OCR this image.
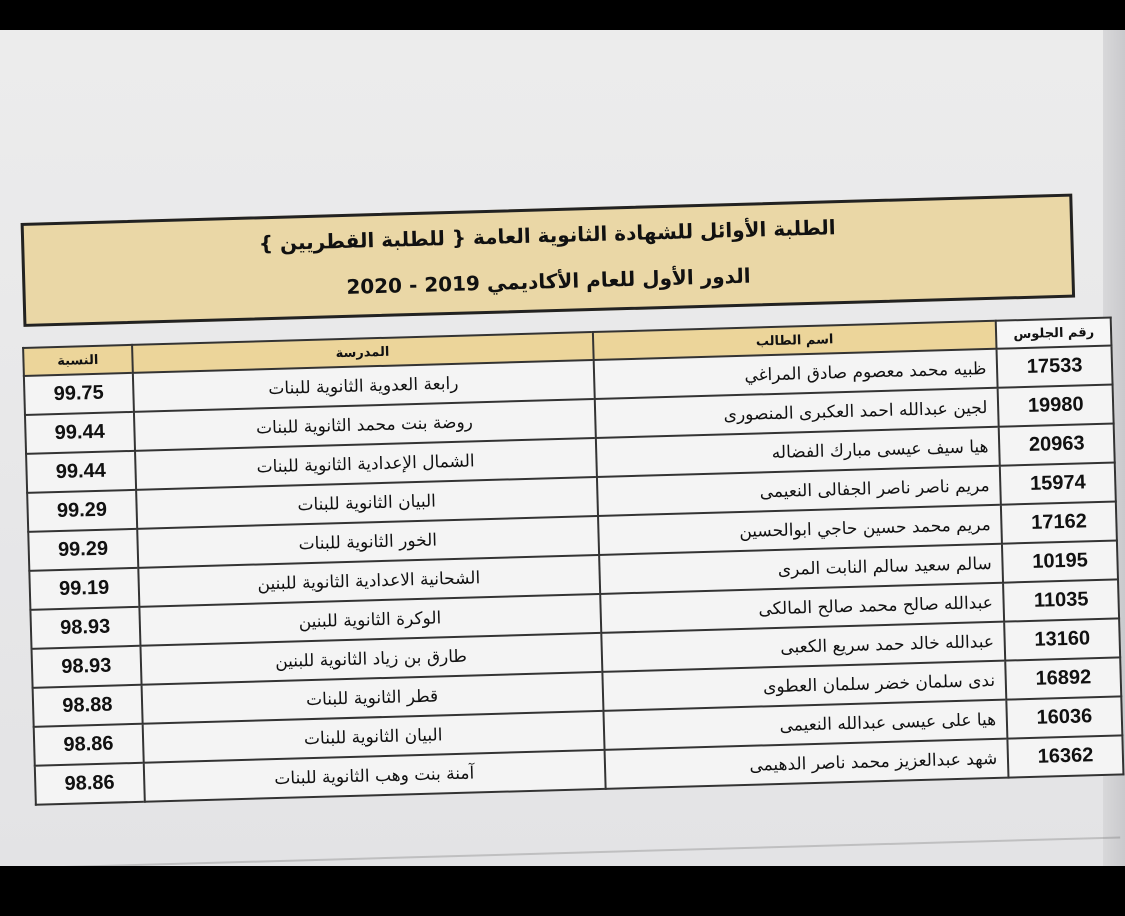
الطلبة الأوائل للشهادة الثانوية العامة { للطلبة القطريين }
الدور الأول للعام الأكاديمي 2019 - 2020
رقم الجلوس	اسم الطالب	المدرسة	النسبة
17533	ظبيه محمد معصوم صادق المراغي	رابعة العدوية الثانوية للبنات	99.75
19980	لجين عبدالله احمد العكبرى المنصورى	روضة بنت محمد الثانوية للبنات	99.44
20963	هيا سيف عيسى مبارك الفضاله	الشمال الإعدادية الثانوية للبنات	99.44
15974	مريم ناصر ناصر الجفالى النعيمى	البيان الثانوية للبنات	99.29
17162	مريم محمد حسين حاجي ابوالحسين	الخور الثانوية للبنات	99.29
10195	سالم سعيد سالم النابت المرى	الشحانية الاعدادية الثانوية للبنين	99.19
11035	عبدالله صالح محمد صالح المالكى	الوكرة الثانوية للبنين	98.93
13160	عبدالله خالد حمد سريع الكعبى	طارق بن زياد الثانوية للبنين	98.93
16892	ندى سلمان خضر سلمان العطوى	قطر الثانوية للبنات	98.88
16036	هيا على عيسى عبدالله النعيمى	البيان الثانوية للبنات	98.86
16362	شهد عبدالعزيز محمد ناصر الدهيمى	آمنة بنت وهب الثانوية للبنات	98.86
